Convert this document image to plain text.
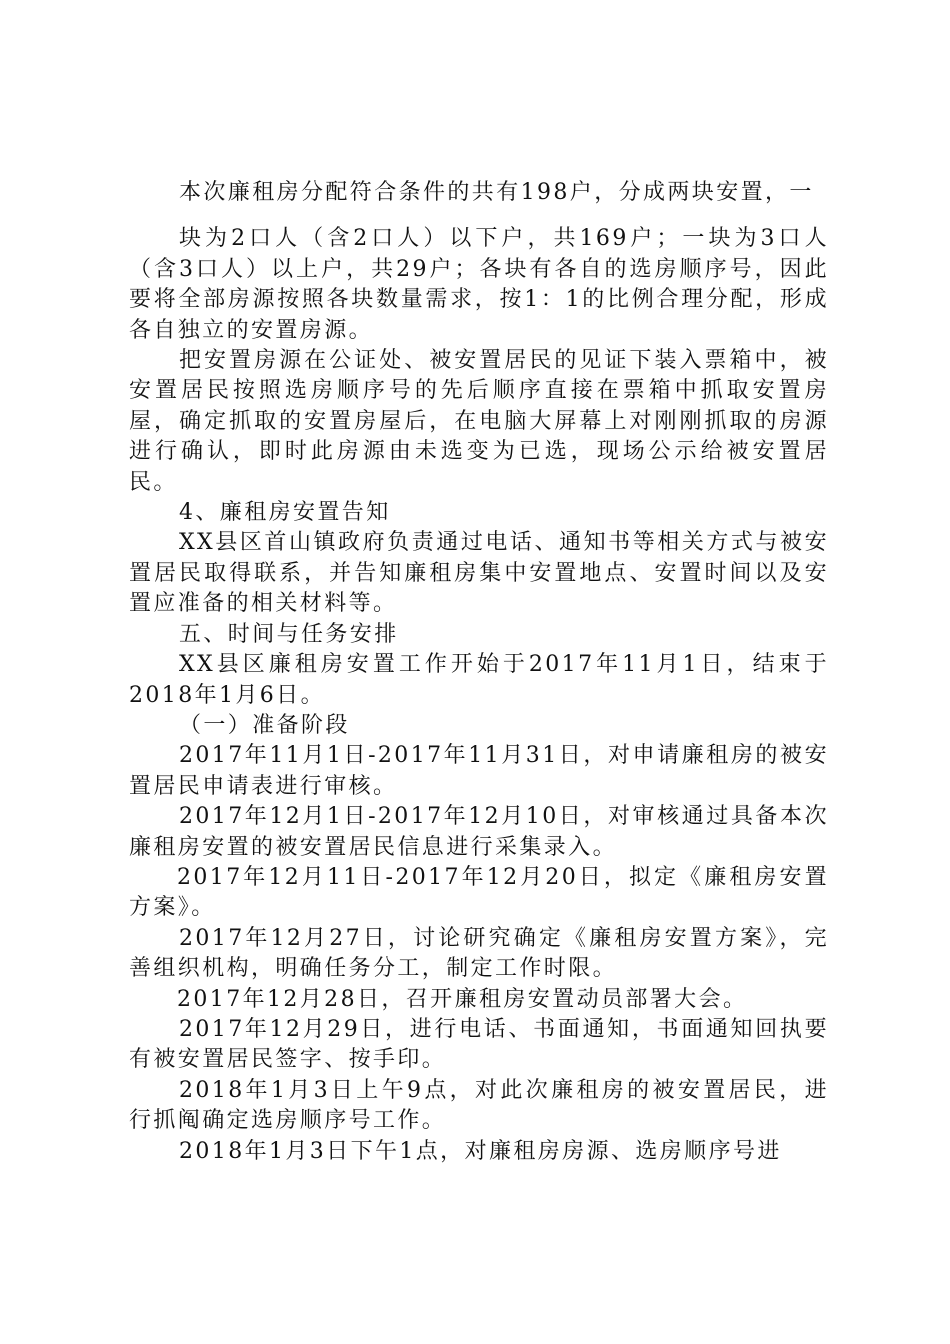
本次廉租房分配符合条件的共有198户，分成两块安置，一

块为2口人（含2口人）以下户，共169户；一块为3口人（含3口人）以上户，共29户；各块有各自的选房顺序号，因此要将全部房源按照各块数量需求，按1：1的比例合理分配，形成各自独立的安置房源。

把安置房源在公证处、被安置居民的见证下装入票箱中，被安置居民按照选房顺序号的先后顺序直接在票箱中抓取安置房屋，确定抓取的安置房屋后，在电脑大屏幕上对刚刚抓取的房源进行确认，即时此房源由未选变为已选，现场公示给被安置居民。

4、廉租房安置告知

XX县区首山镇政府负责通过电话、通知书等相关方式与被安置居民取得联系，并告知廉租房集中安置地点、安置时间以及安置应准备的相关材料等。

五、时间与任务安排

XX县区廉租房安置工作开始于2017年11月1日，结束于2018年1月6日。

（一）准备阶段

2017年11月1日-2017年11月31日，对申请廉租房的被安置居民申请表进行审核。

2017年12月1日-2017年12月10日，对审核通过具备本次廉租房安置的被安置居民信息进行采集录入。

2017年12月11日-2017年12月20日，拟定《廉租房安置方案》。

2017年12月27日，讨论研究确定《廉租房安置方案》，完善组织机构，明确任务分工，制定工作时限。

2017年12月28日，召开廉租房安置动员部署大会。

2017年12月29日，进行电话、书面通知，书面通知回执要有被安置居民签字、按手印。

2018年1月3日上午9点，对此次廉租房的被安置居民，进行抓阄确定选房顺序号工作。

2018年1月3日下午1点，对廉租房房源、选房顺序号进
